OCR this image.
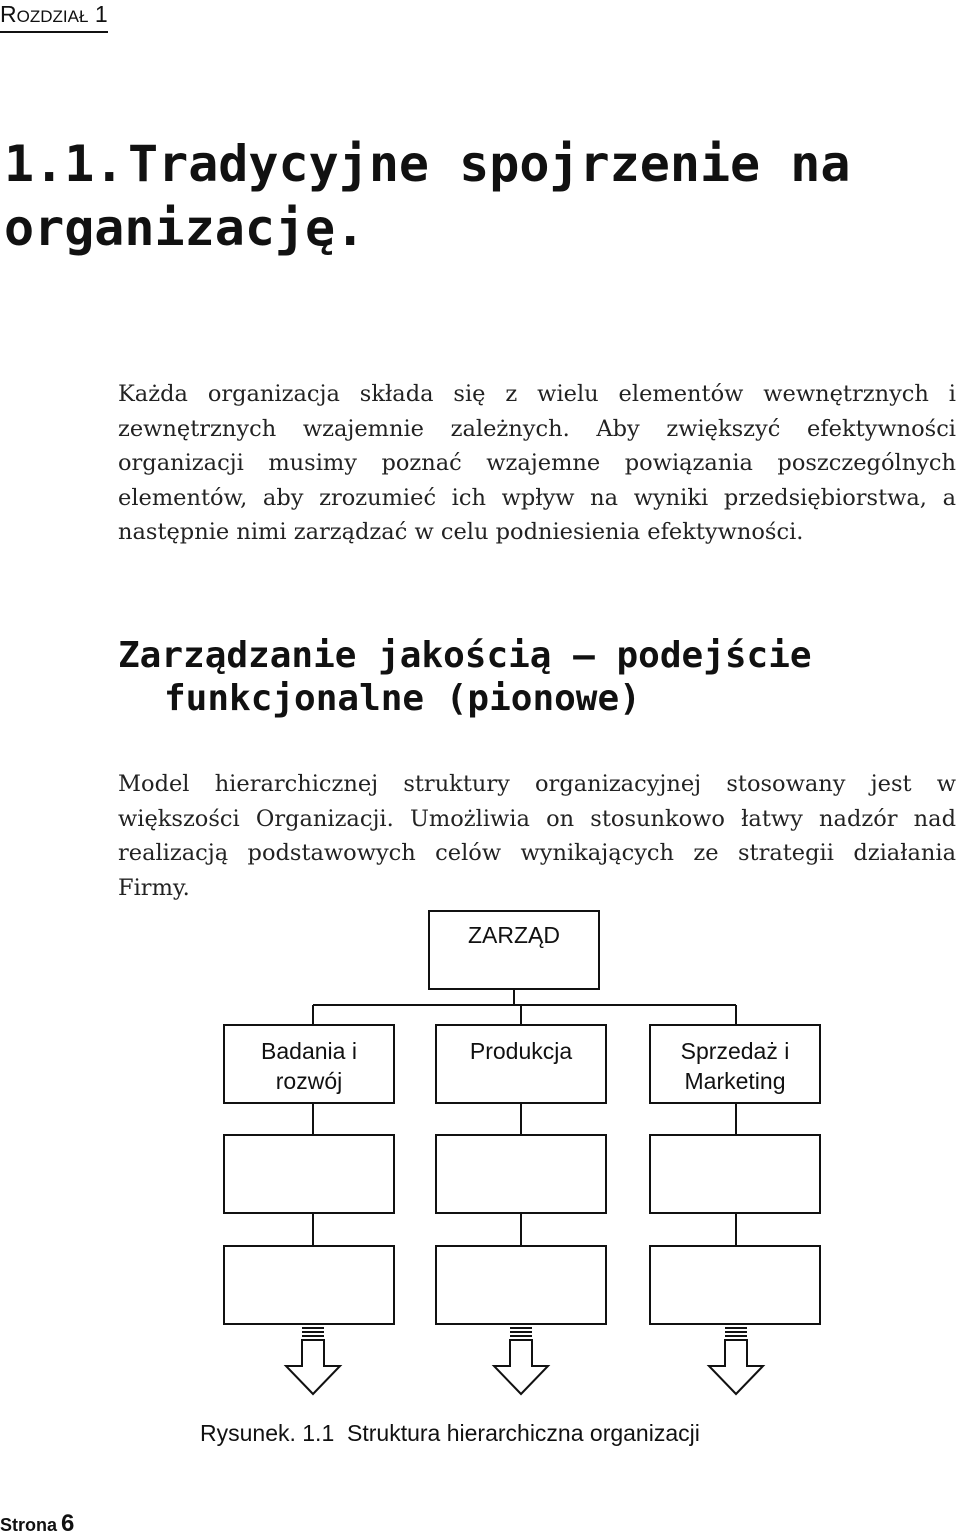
ROZDZIAŁ 1
1.1.Tradycyjne spojrzenie na organizację.

Każda organizacja składa się z wielu elementów wewnętrznych i zewnętrznych wzajemnie zależnych. Aby zwiększyć efektywności organizacji musimy poznać wzajemne powiązania poszczególnych elementów, aby zrozumieć ich wpływ na wyniki przedsiębiorstwa, a następnie nimi zarządzać w celu podniesienia efektywności.

Zarządzanie jakością – podejście
funkcjonalne (pionowe)

Model hierarchicznej struktury organizacyjnej stosowany jest w większości Organizacji. Umożliwia on stosunkowo łatwy nadzór nad realizacją podstawowych celów wynikających ze strategii działania Firmy.

ZARZĄD
Badania i
rozwój
Produkcja	Sprzedaż i
Marketing
Rysunek. 1.1  Struktura hierarchiczna organizacji
Strona 6
